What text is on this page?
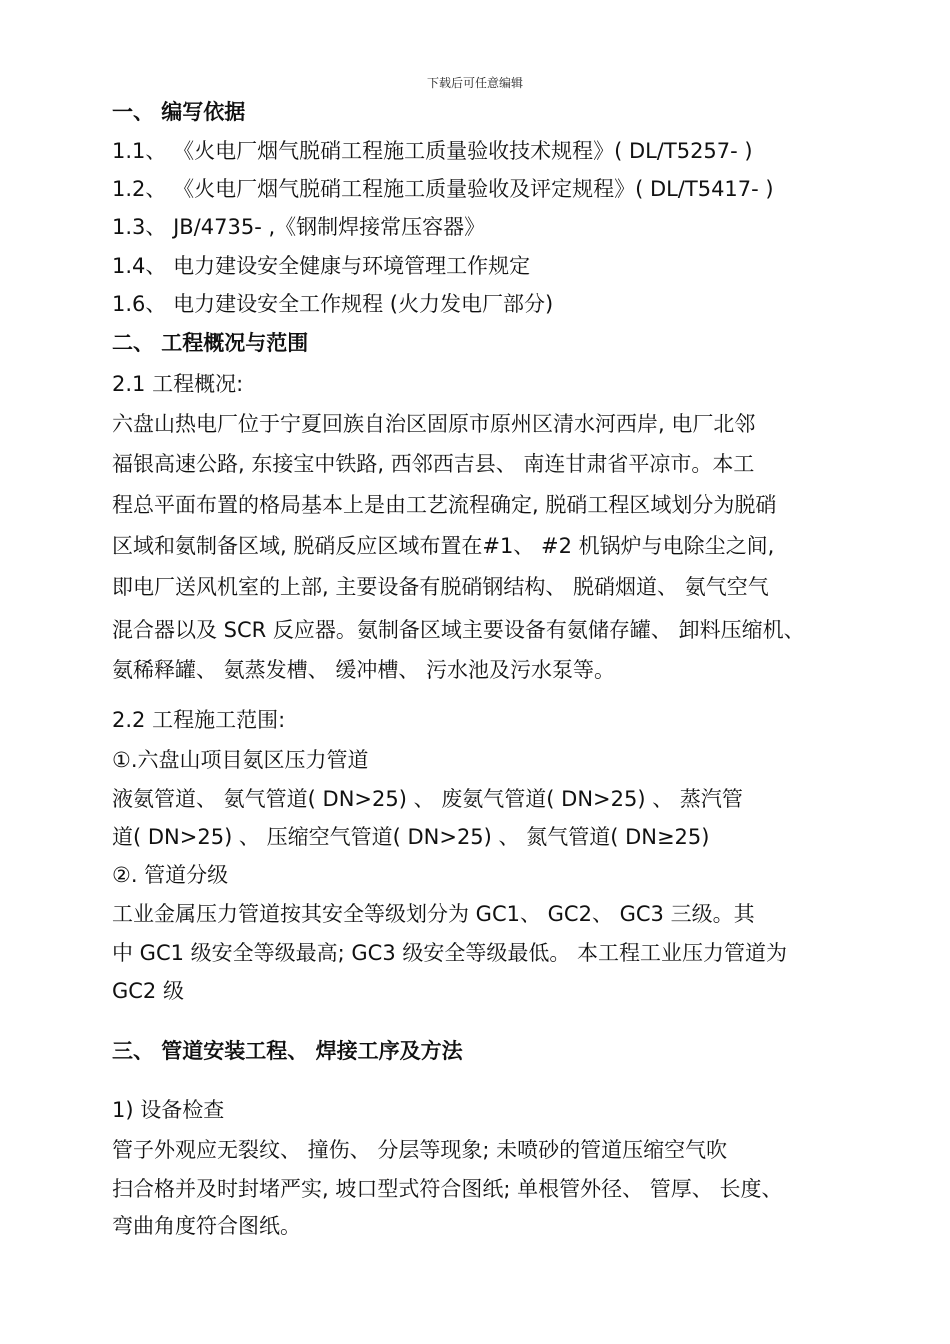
下载后可任意编辑
一、 编写依据
1.1、 《火电厂烟气脱硝工程施工质量验收技术规程》( DL/T5257- )
1.2、 《火电厂烟气脱硝工程施工质量验收及评定规程》( DL/T5417- )
1.3、 JB/4735- ,《钢制焊接常压容器》
1.4、 电力建设安全健康与环境管理工作规定
1.6、 电力建设安全工作规程 (火力发电厂部分)
二、 工程概况与范围
2.1 工程概况:
六盘山热电厂位于宁夏回族自治区固原市原州区清水河西岸, 电厂北邻
福银高速公路, 东接宝中铁路, 西邻西吉县、 南连甘肃省平凉市。本工
程总平面布置的格局基本上是由工艺流程确定, 脱硝工程区域划分为脱硝
区域和氨制备区域, 脱硝反应区域布置在#1、 #2 机锅炉与电除尘之间,
即电厂送风机室的上部, 主要设备有脱硝钢结构、 脱硝烟道、 氨气空气
混合器以及 SCR 反应器。氨制备区域主要设备有氨储存罐、 卸料压缩机、
氨稀释罐、 氨蒸发槽、 缓冲槽、 污水池及污水泵等。
2.2 工程施工范围:
①.六盘山项目氨区压力管道
液氨管道、 氨气管道( DN>25) 、 废氨气管道( DN>25) 、 蒸汽管
道( DN>25) 、 压缩空气管道( DN>25) 、 氮气管道( DN≥25)
②. 管道分级
工业金属压力管道按其安全等级划分为 GC1、 GC2、 GC3 三级。其
中 GC1 级安全等级最高; GC3 级安全等级最低。 本工程工业压力管道为
GC2 级
三、 管道安装工程、 焊接工序及方法
1) 设备检查
管子外观应无裂纹、 撞伤、 分层等现象; 未喷砂的管道压缩空气吹
扫合格并及时封堵严实, 坡口型式符合图纸; 单根管外径、 管厚、 长度、
弯曲角度符合图纸。
